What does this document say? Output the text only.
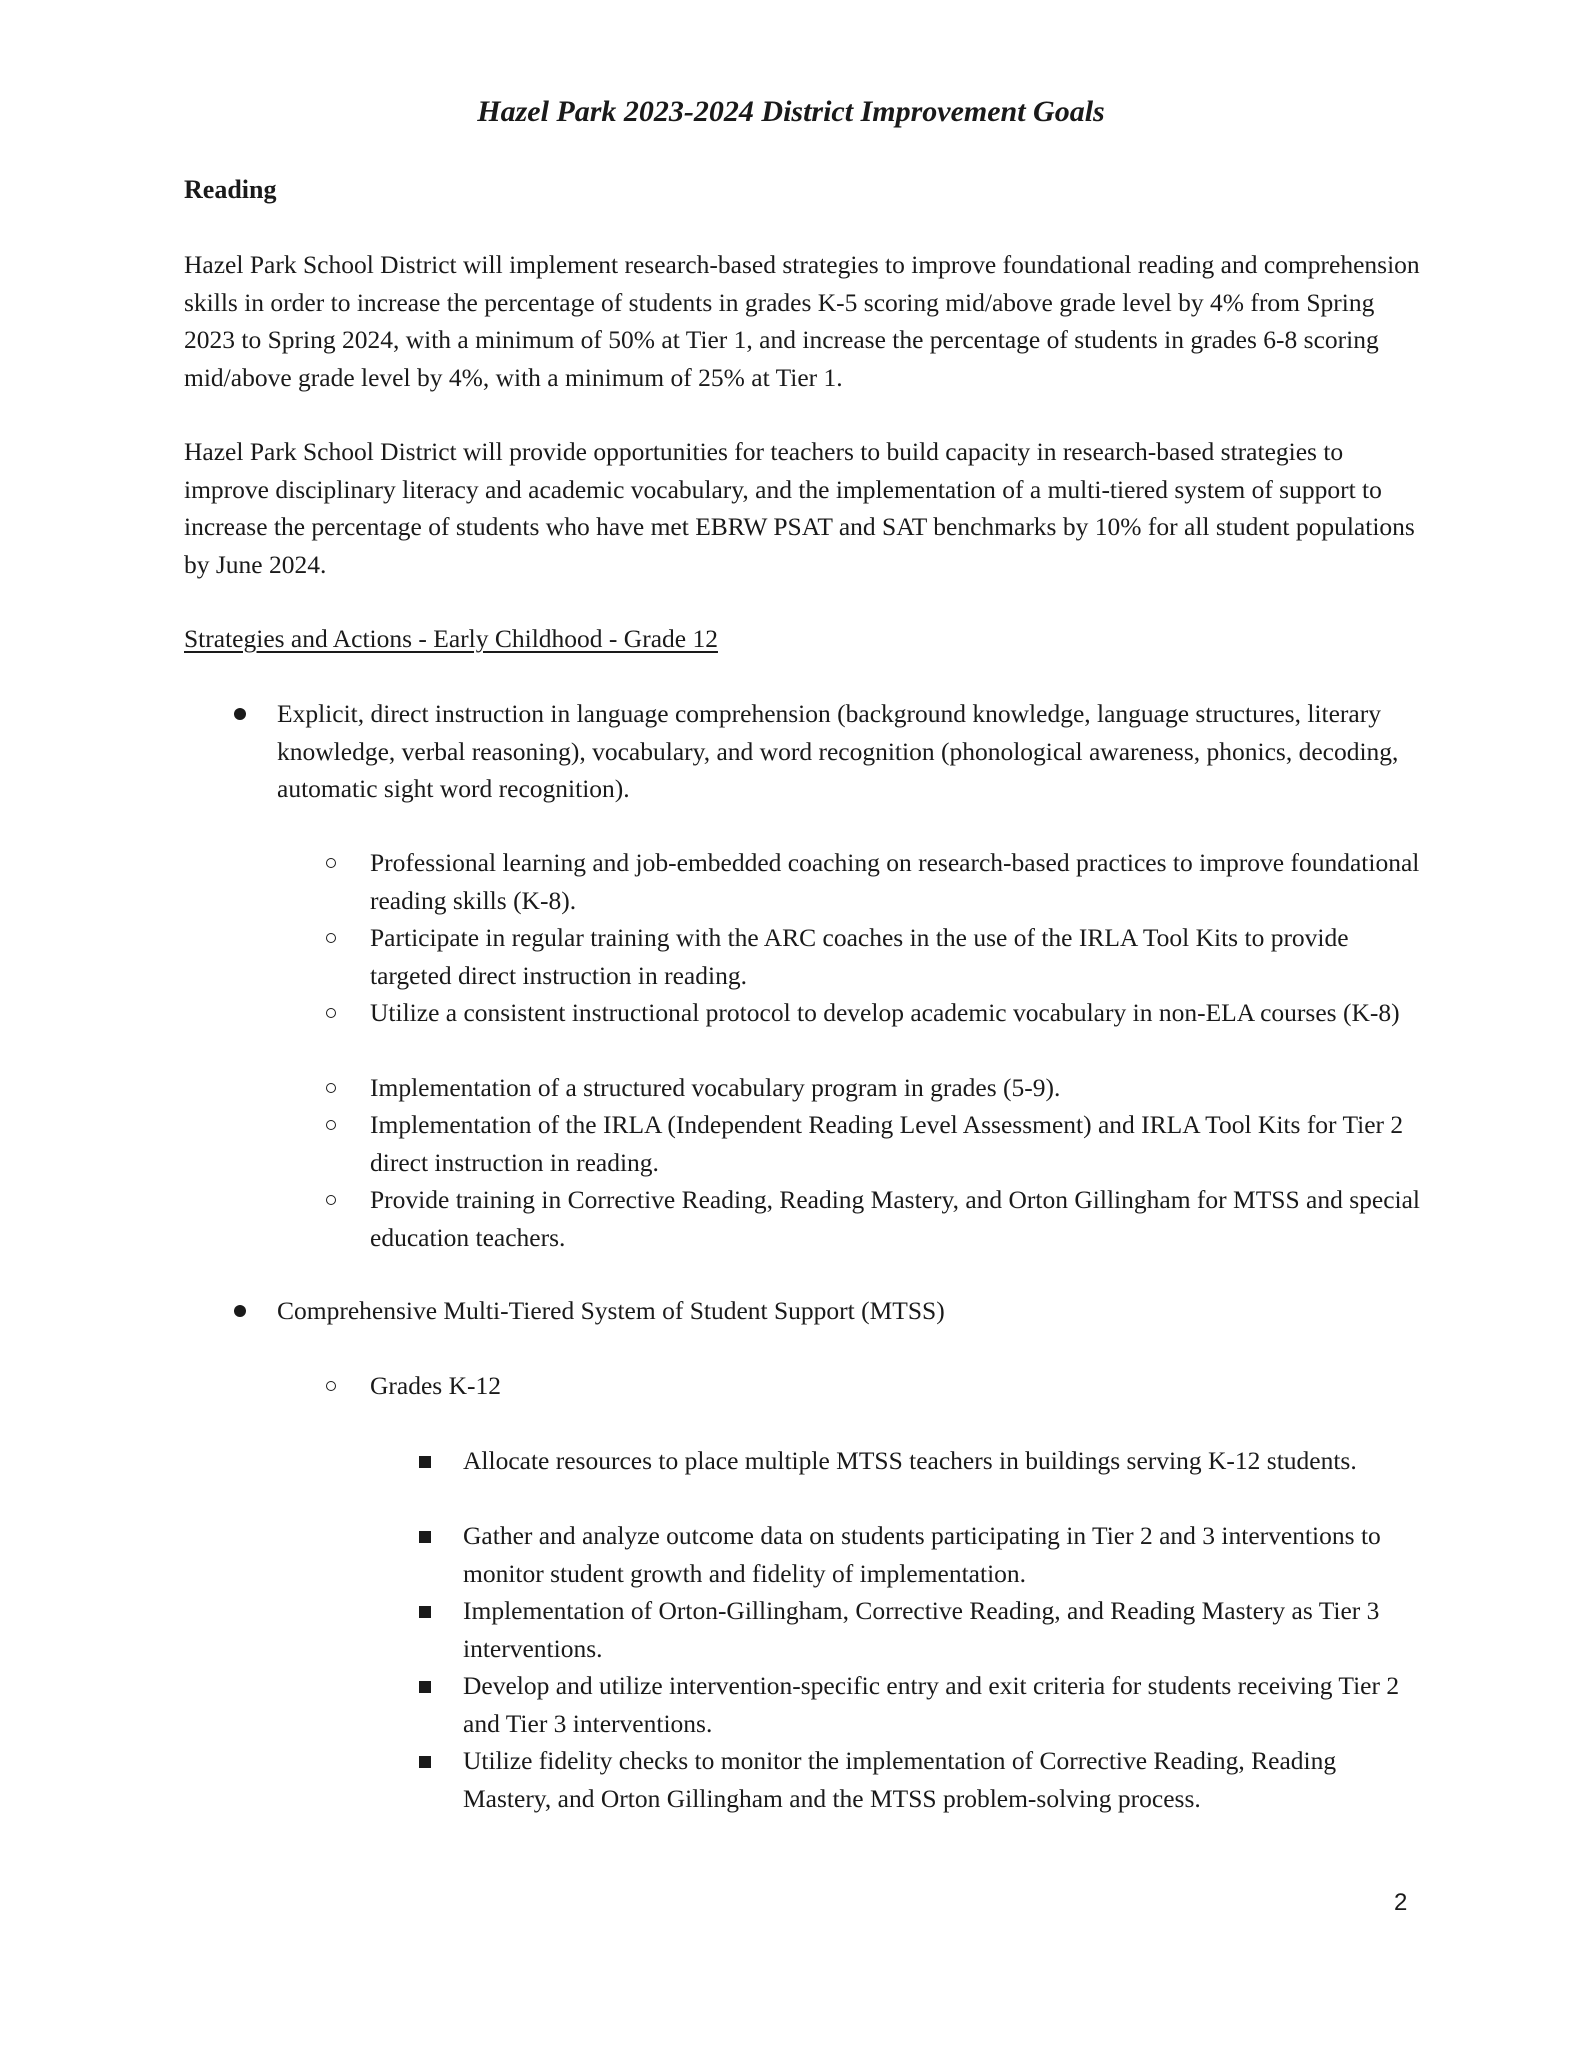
Hazel Park 2023-2024 District Improvement Goals
Reading

Hazel Park School District will implement research-based strategies to improve foundational reading and comprehension skills in order to increase the percentage of students in grades K-5 scoring mid/above grade level by 4% from Spring 2023 to Spring 2024, with a minimum of 50% at Tier 1, and increase the percentage of students in grades 6-8 scoring mid/above grade level by 4%, with a minimum of 25% at Tier 1.

Hazel Park School District will provide opportunities for teachers to build capacity in research-based strategies to improve disciplinary literacy and academic vocabulary, and the implementation of a multi-tiered system of support to increase the percentage of students who have met EBRW PSAT and SAT benchmarks by 10% for all student populations by June 2024.

Strategies and Actions - Early Childhood - Grade 12

Explicit, direct instruction in language comprehension (background knowledge, language structures, literary knowledge, verbal reasoning), vocabulary, and word recognition (phonological awareness, phonics, decoding, automatic sight word recognition).
Professional learning and job-embedded coaching on research-based practices to improve foundational reading skills (K-8).
Participate in regular training with the ARC coaches in the use of the IRLA Tool Kits to provide targeted direct instruction in reading.
Utilize a consistent instructional protocol to develop academic vocabulary in non-ELA courses (K-8)
Implementation of a structured vocabulary program in grades (5-9).
Implementation of the IRLA (Independent Reading Level Assessment) and IRLA Tool Kits for Tier 2 direct instruction in reading.
Provide training in Corrective Reading, Reading Mastery, and Orton Gillingham for MTSS and special education teachers.
Comprehensive Multi-Tiered System of Student Support (MTSS)
Grades K-12
Allocate resources to place multiple MTSS teachers in buildings serving K-12 students.
Gather and analyze outcome data on students participating in Tier 2 and 3 interventions to monitor student growth and fidelity of implementation.
Implementation of Orton-Gillingham, Corrective Reading, and Reading Mastery as Tier 3 interventions.
Develop and utilize intervention-specific entry and exit criteria for students receiving Tier 2 and Tier 3 interventions.
Utilize fidelity checks to monitor the implementation of Corrective Reading, Reading Mastery, and Orton Gillingham and the MTSS problem-solving process.

2
